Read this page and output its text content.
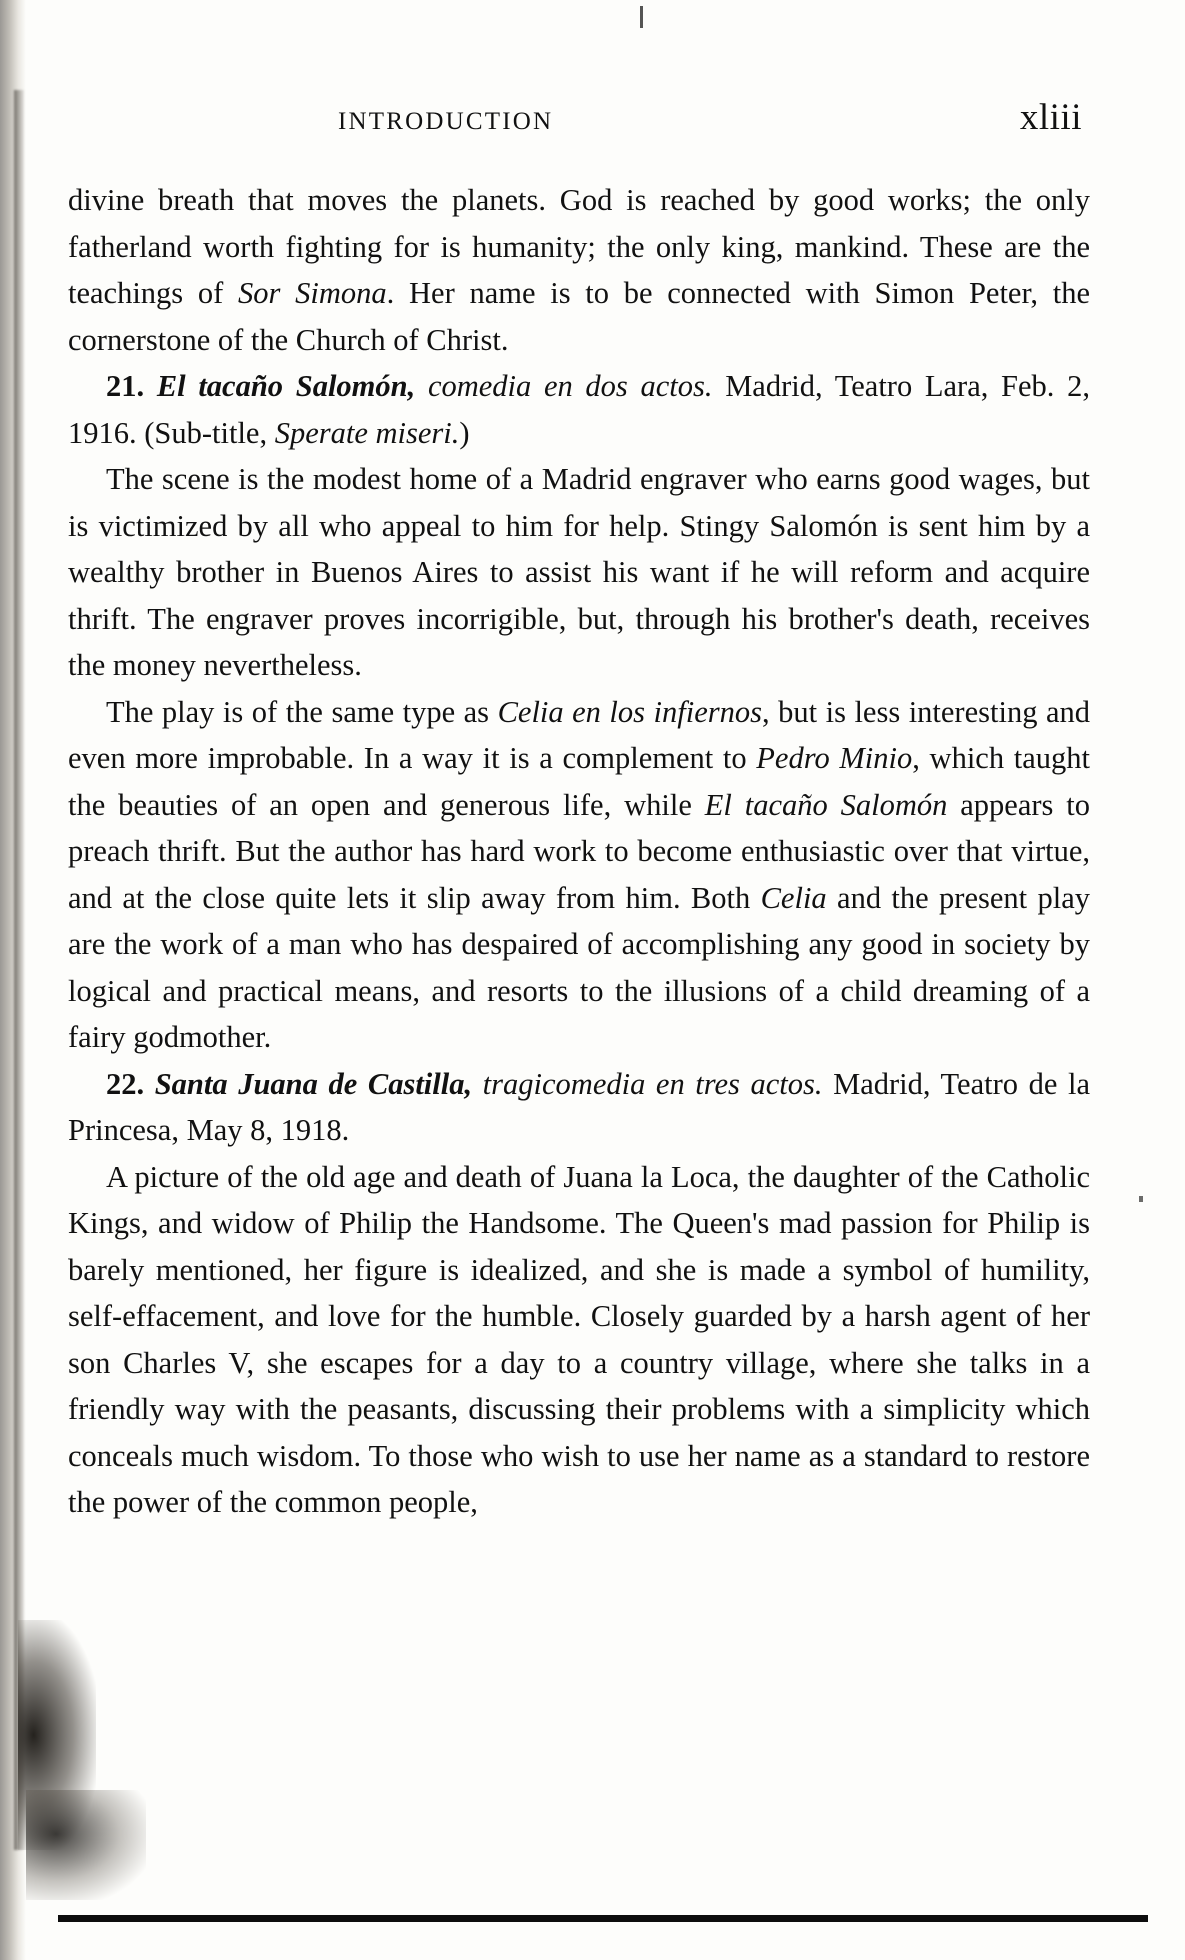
INTRODUCTION	xliii

divine breath that moves the planets. God is reached by good works; the only fatherland worth fighting for is humanity; the only king, mankind. These are the teachings of Sor Simona. Her name is to be connected with Simon Peter, the cornerstone of the Church of Christ.

21. El tacaño Salomón, comedia en dos actos. Madrid, Teatro Lara, Feb. 2, 1916. (Sub-title, Sperate miseri.)

The scene is the modest home of a Madrid engraver who earns good wages, but is victimized by all who appeal to him for help. Stingy Salomón is sent him by a wealthy brother in Buenos Aires to assist his want if he will reform and acquire thrift. The engraver proves incorrigible, but, through his brother's death, receives the money nevertheless.

The play is of the same type as Celia en los infiernos, but is less interesting and even more improbable. In a way it is a complement to Pedro Minio, which taught the beauties of an open and generous life, while El tacaño Salomón appears to preach thrift. But the author has hard work to become enthusiastic over that virtue, and at the close quite lets it slip away from him. Both Celia and the present play are the work of a man who has despaired of accomplishing any good in society by logical and practical means, and resorts to the illusions of a child dreaming of a fairy godmother.

22. Santa Juana de Castilla, tragicomedia en tres actos. Madrid, Teatro de la Princesa, May 8, 1918.

A picture of the old age and death of Juana la Loca, the daughter of the Catholic Kings, and widow of Philip the Handsome. The Queen's mad passion for Philip is barely mentioned, her figure is idealized, and she is made a symbol of humility, self-effacement, and love for the humble. Closely guarded by a harsh agent of her son Charles V, she escapes for a day to a country village, where she talks in a friendly way with the peasants, discussing their problems with a simplicity which conceals much wisdom. To those who wish to use her name as a standard to restore the power of the common people,
